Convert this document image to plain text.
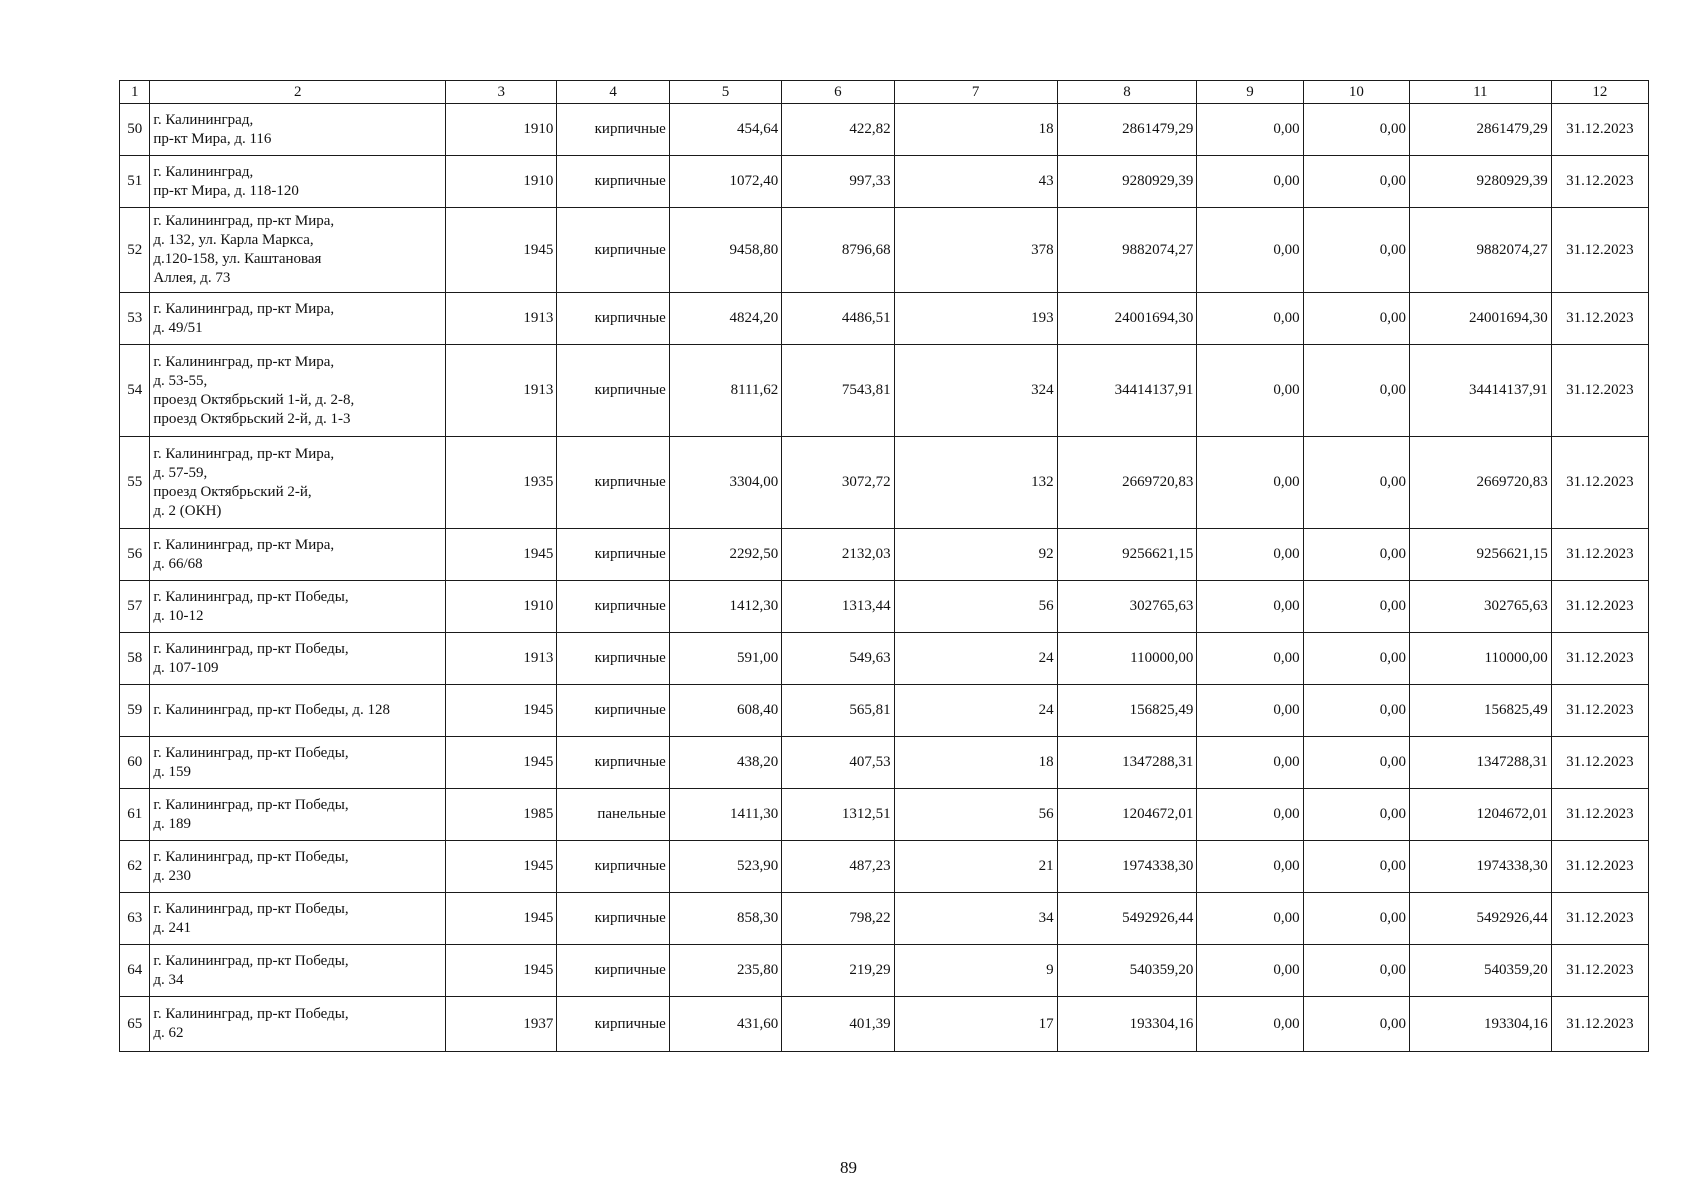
1	2	3	4	5	6	7	8	9	10	11	12
50	г. Калининград,
пр-кт Мира, д. 116	1910	кирпичные	454,64	422,82	18	2861479,29	0,00	0,00	2861479,29	31.12.2023
51	г. Калининград,
пр-кт Мира, д. 118-120	1910	кирпичные	1072,40	997,33	43	9280929,39	0,00	0,00	9280929,39	31.12.2023
52	г. Калининград, пр-кт Мира,
д. 132, ул. Карла Маркса,
д.120-158, ул. Каштановая
Аллея, д. 73	1945	кирпичные	9458,80	8796,68	378	9882074,27	0,00	0,00	9882074,27	31.12.2023
53	г. Калининград, пр-кт Мира,
д. 49/51	1913	кирпичные	4824,20	4486,51	193	24001694,30	0,00	0,00	24001694,30	31.12.2023
54	г. Калининград, пр-кт Мира,
д. 53-55,
проезд Октябрьский 1-й, д. 2-8,
проезд Октябрьский 2-й, д. 1-3	1913	кирпичные	8111,62	7543,81	324	34414137,91	0,00	0,00	34414137,91	31.12.2023
55	г. Калининград, пр-кт Мира,
д. 57-59,
проезд Октябрьский 2-й,
д. 2 (ОКН)	1935	кирпичные	3304,00	3072,72	132	2669720,83	0,00	0,00	2669720,83	31.12.2023
56	г. Калининград, пр-кт Мира,
д. 66/68	1945	кирпичные	2292,50	2132,03	92	9256621,15	0,00	0,00	9256621,15	31.12.2023
57	г. Калининград, пр-кт Победы,
д. 10-12	1910	кирпичные	1412,30	1313,44	56	302765,63	0,00	0,00	302765,63	31.12.2023
58	г. Калининград, пр-кт Победы,
д. 107-109	1913	кирпичные	591,00	549,63	24	110000,00	0,00	0,00	110000,00	31.12.2023
59	г. Калининград, пр-кт Победы, д. 128	1945	кирпичные	608,40	565,81	24	156825,49	0,00	0,00	156825,49	31.12.2023
60	г. Калининград, пр-кт Победы,
д. 159	1945	кирпичные	438,20	407,53	18	1347288,31	0,00	0,00	1347288,31	31.12.2023
61	г. Калининград, пр-кт Победы,
д. 189	1985	панельные	1411,30	1312,51	56	1204672,01	0,00	0,00	1204672,01	31.12.2023
62	г. Калининград, пр-кт Победы,
д. 230	1945	кирпичные	523,90	487,23	21	1974338,30	0,00	0,00	1974338,30	31.12.2023
63	г. Калининград, пр-кт Победы,
д. 241	1945	кирпичные	858,30	798,22	34	5492926,44	0,00	0,00	5492926,44	31.12.2023
64	г. Калининград, пр-кт Победы,
д. 34	1945	кирпичные	235,80	219,29	9	540359,20	0,00	0,00	540359,20	31.12.2023
65	г. Калининград, пр-кт Победы,
д. 62	1937	кирпичные	431,60	401,39	17	193304,16	0,00	0,00	193304,16	31.12.2023
89
